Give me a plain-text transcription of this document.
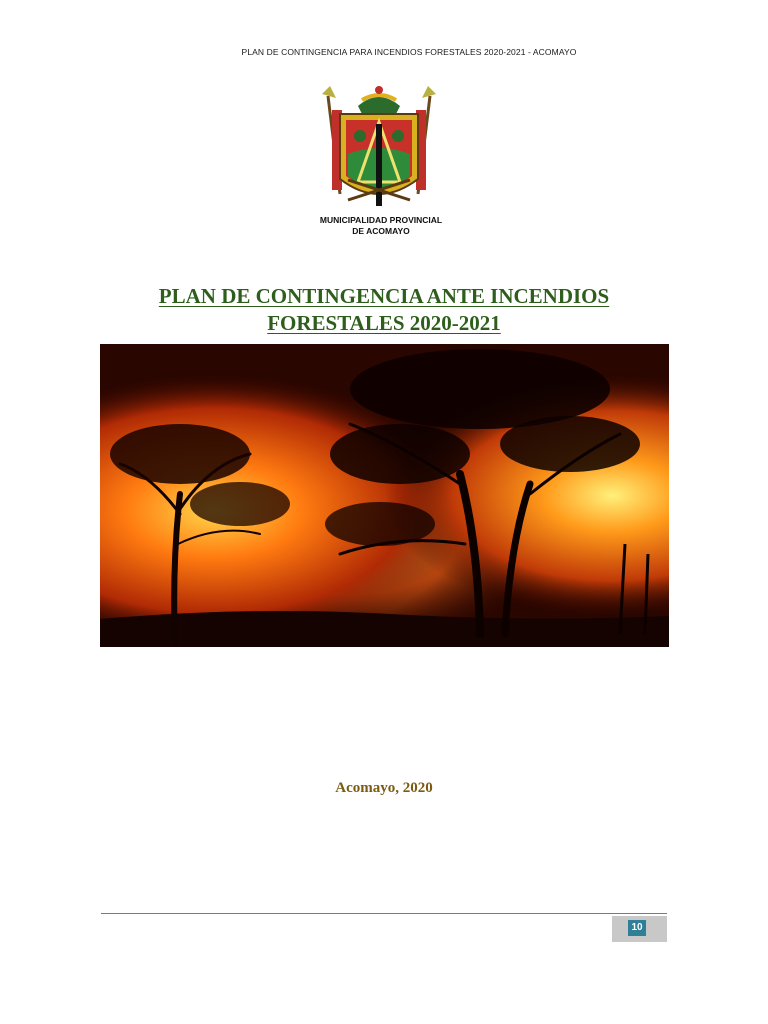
PLAN DE CONTINGENCIA PARA INCENDIOS FORESTALES 2020-2021 - ACOMAYO
MUNICIPALIDAD PROVINCIAL
DE ACOMAYO
PLAN DE CONTINGENCIA ANTE INCENDIOS
FORESTALES 2020-2021
Acomayo, 2020
10
